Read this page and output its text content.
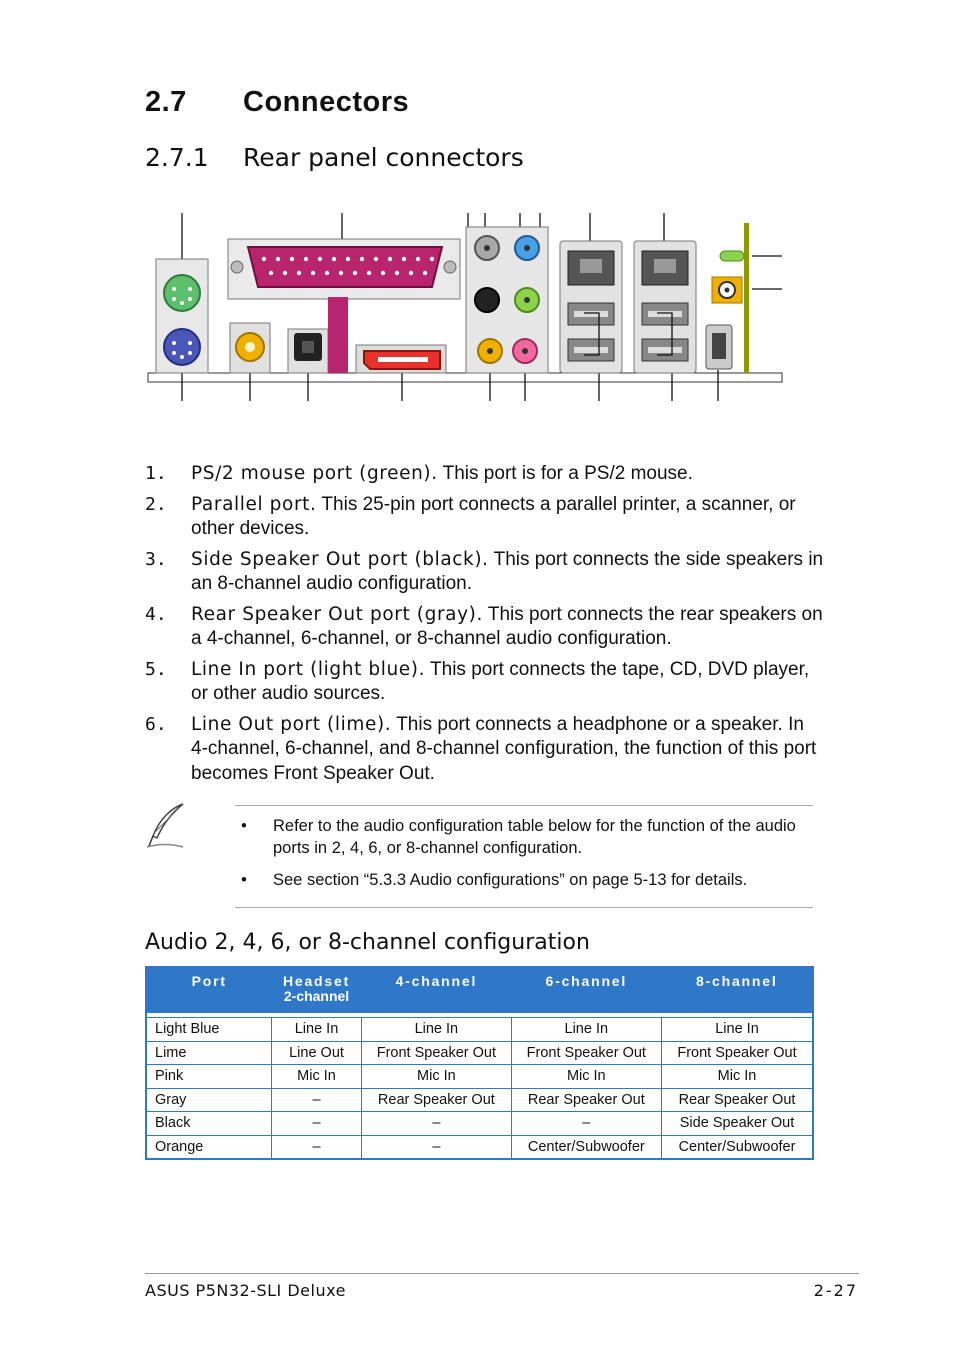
2.7 Connectors
2.7.1 Rear panel connectors
1. PS/2 mouse port (green). This port is for a PS/2 mouse.
2. Parallel port. This 25-pin port connects a parallel printer, a scanner, or other devices.
3. Side Speaker Out port (black). This port connects the side speakers in an 8-channel audio configuration.
4. Rear Speaker Out port (gray). This port connects the rear speakers on a 4-channel, 6-channel, or 8-channel audio configuration.
5. Line In port (light blue). This port connects the tape, CD, DVD player, or other audio sources.
6. Line Out port (lime). This port connects a headphone or a speaker. In 4-channel, 6-channel, and 8-channel configuration, the function of this port becomes Front Speaker Out.
• Refer to the audio configuration table below for the function of the audio ports in 2, 4, 6, or 8-channel configuration.
• See section “5.3.3 Audio configurations” on page 5-13 for details.
Audio 2, 4, 6, or 8-channel configuration
Port	Headset
2-channel	4-channel	6-channel	8-channel

Light Blue	Line In	Line In	Line In	Line In
Lime	Line Out	Front Speaker Out	Front Speaker Out	Front Speaker Out
Pink	Mic In	Mic In	Mic In	Mic In
Gray	–	Rear Speaker Out	Rear Speaker Out	Rear Speaker Out
Black	–	–	–	Side Speaker Out
Orange	–	–	Center/Subwoofer	Center/Subwoofer
ASUS P5N32-SLI Deluxe	2-27
